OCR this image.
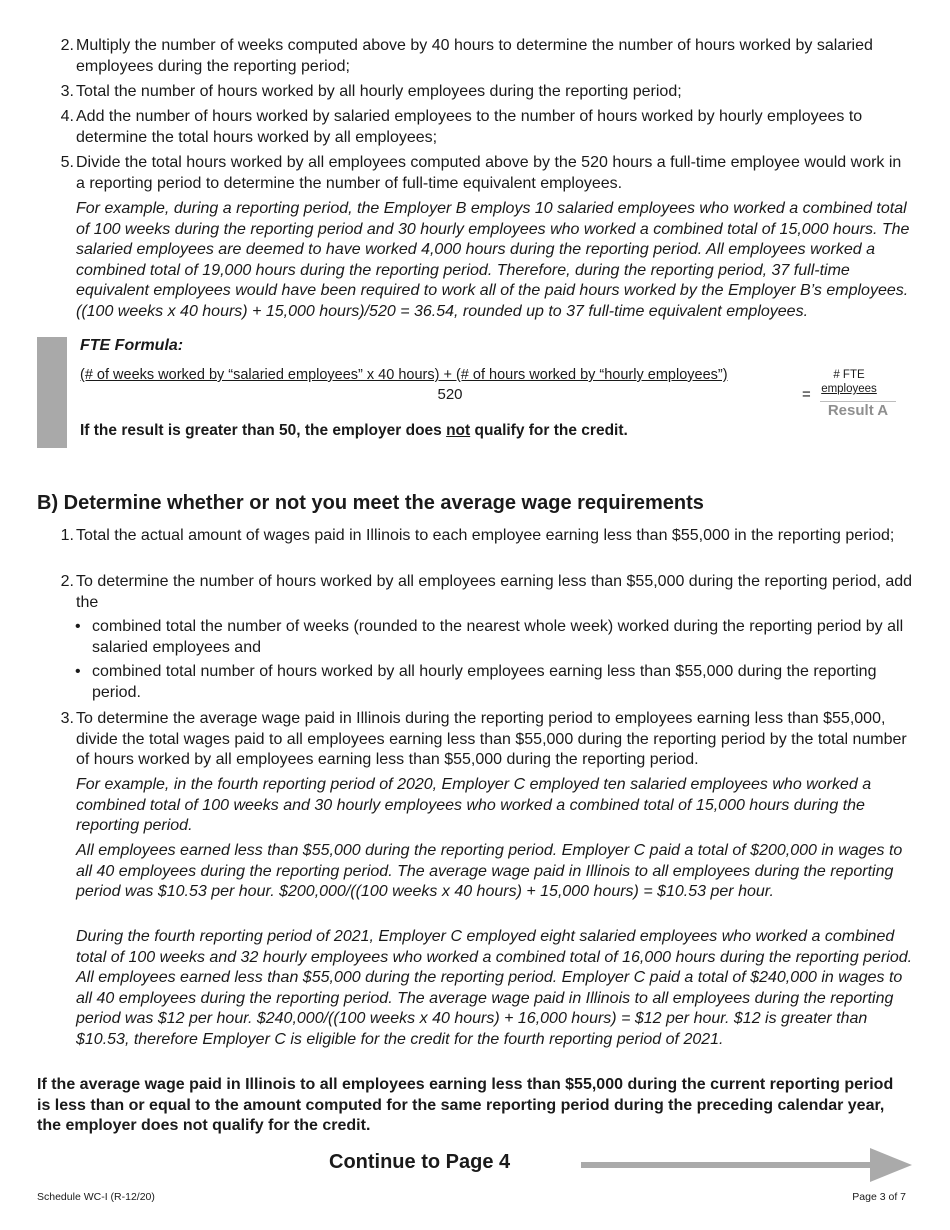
2. Multiply the number of weeks computed above by 40 hours to determine the number of hours worked by salaried employees during the reporting period;
3. Total the number of hours worked by all hourly employees during the reporting period;
4. Add the number of hours worked by salaried employees to the number of hours worked by hourly employees to determine the total hours worked by all employees;
5. Divide the total hours worked by all employees computed above by the 520 hours a full-time employee would work in a reporting period to determine the number of full-time equivalent employees.
For example, during a reporting period, the Employer B employs 10 salaried employees who worked a combined total of 100 weeks during the reporting period and 30 hourly employees who worked a combined total of 15,000 hours. The salaried employees are deemed to have worked 4,000 hours during the reporting period. All employees worked a combined total of 19,000 hours during the reporting period. Therefore, during the reporting period, 37 full-time equivalent employees would have been required to work all of the paid hours worked by the Employer B’s employees. ((100 weeks x 40 hours) + 15,000 hours)/520 = 36.54, rounded up to 37 full-time equivalent employees.
FTE Formula:
(# of weeks worked by “salaried employees” x 40 hours) + (# of hours worked by “hourly employees”)
520	=
# FTE
employees
Result A
If the result is greater than 50, the employer does not qualify for the credit.
B) Determine whether or not you meet the average wage requirements
1. Total the actual amount of wages paid in Illinois to each employee earning less than $55,000 in the reporting period;
2. To determine the number of hours worked by all employees earning less than $55,000 during the reporting period, add the
• combined total the number of weeks (rounded to the nearest whole week) worked during the reporting period by all salaried employees and
• combined total number of hours worked by all hourly employees earning less than $55,000 during the reporting period.
3. To determine the average wage paid in Illinois during the reporting period to employees earning less than $55,000, divide the total wages paid to all employees earning less than $55,000 during the reporting period by the total number of hours worked by all employees earning less than $55,000 during the reporting period.
For example, in the fourth reporting period of 2020, Employer C employed ten salaried employees who worked a combined total of 100 weeks and 30 hourly employees who worked a combined total of 15,000 hours during the reporting period.
All employees earned less than $55,000 during the reporting period. Employer C paid a total of $200,000 in wages to all 40 employees during the reporting period. The average wage paid in Illinois to all employees during the reporting period was $10.53 per hour. $200,000/((100 weeks x 40 hours) + 15,000 hours) = $10.53 per hour.
During the fourth reporting period of 2021, Employer C employed eight salaried employees who worked a combined total of 100 weeks and 32 hourly employees who worked a combined total of 16,000 hours during the reporting period. All employees earned less than $55,000 during the reporting period. Employer C paid a total of $240,000 in wages to all 40 employees during the reporting period. The average wage paid in Illinois to all employees during the reporting period was $12 per hour. $240,000/((100 weeks x 40 hours) + 16,000 hours) = $12 per hour. $12 is greater than $10.53, therefore Employer C is eligible for the credit for the fourth reporting period of 2021.
If the average wage paid in Illinois to all employees earning less than $55,000 during the current reporting period is less than or equal to the amount computed for the same reporting period during the preceding calendar year, the employer does not qualify for the credit.
Continue to Page 4
Schedule WC-I (R-12/20)	Page 3 of 7
